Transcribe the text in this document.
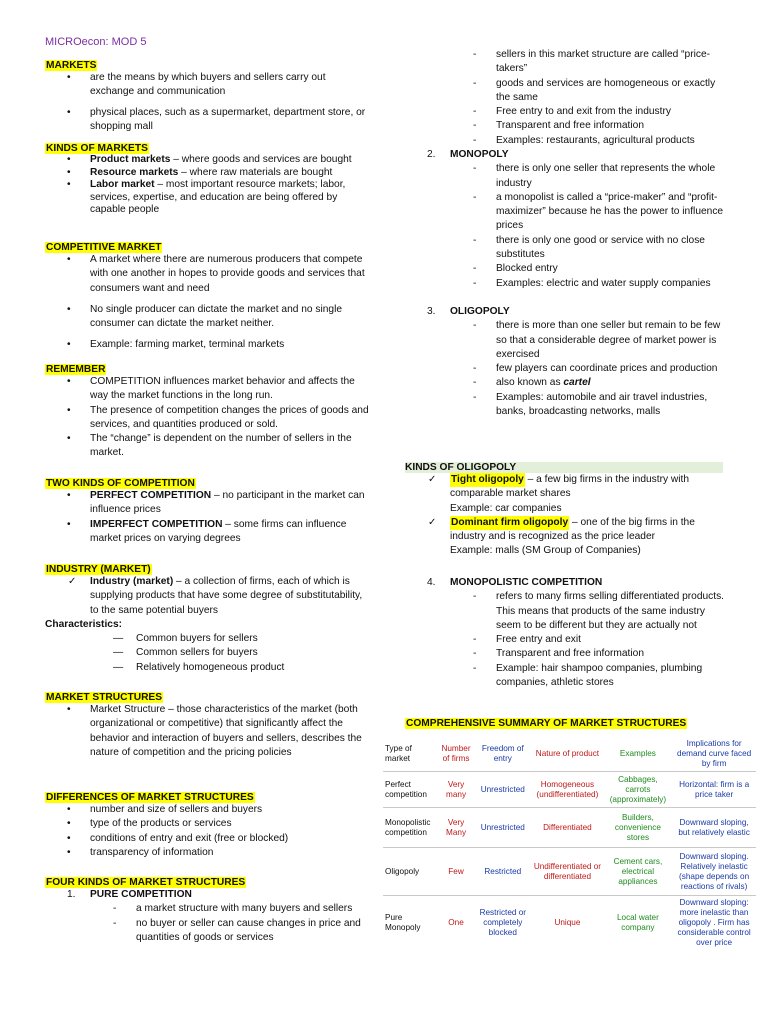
MICROecon: MOD 5
MARKETS

• are the means by which buyers and sellers carry out exchange and communication

• physical places, such as a supermarket, department store, or shopping mall

KINDS OF MARKETS

• Product markets – where goods and services are bought

• Resource markets – where raw materials are bought

• Labor market – most important resource markets; labor, services, expertise, and education are being offered by capable people

COMPETITIVE MARKET

• A market where there are numerous producers that compete with one another in hopes to provide goods and services that consumers want and need

• No single producer can dictate the market and no single consumer can dictate the market neither.

• Example: farming market, terminal markets

REMEMBER

• COMPETITION influences market behavior and affects the way the market functions in the long run.

• The presence of competition changes the prices of goods and services, and quantities produced or sold.

• The “change” is dependent on the number of sellers in the market.

TWO KINDS OF COMPETITION

• PERFECT COMPETITION – no participant in the market can influence prices

• IMPERFECT COMPETITION – some firms can influence market prices on varying degrees

INDUSTRY (MARKET)

✓ Industry (market) – a collection of firms, each of which is supplying products that have some degree of substitutability, to the same potential buyers

Characteristics:

— Common buyers for sellers

— Common sellers for buyers

— Relatively homogeneous product

MARKET STRUCTURES

• Market Structure – those characteristics of the market (both organizational or competitive) that significantly affect the behavior and interaction of buyers and sellers, describes the nature of competition and the pricing policies

DIFFERENCES OF MARKET STRUCTURES

• number and size of sellers and buyers

• type of the products or services

• conditions of entry and exit (free or blocked)

• transparency of information

FOUR KINDS OF MARKET STRUCTURES

1. PURE COMPETITION

- a market structure with many buyers and sellers

- no buyer or seller can cause changes in price and quantities of goods or services

- sellers in this market structure are called “price-takers”

- goods and services are homogeneous or exactly the same

- Free entry to and exit from the industry

- Transparent and free information

- Examples: restaurants, agricultural products

2. MONOPOLY

- there is only one seller that represents the whole industry

- a monopolist is called a “price-maker” and “profit-maximizer” because he has the power to influence prices

- there is only one good or service with no close substitutes

- Blocked entry

- Examples: electric and water supply companies

3. OLIGOPOLY

- there is more than one seller but remain to be few so that a considerable degree of market power is exercised

- few players can coordinate prices and production

- also known as cartel

- Examples: automobile and air travel industries, banks, broadcasting networks, malls

KINDS OF OLIGOPOLY

✓ Tight oligopoly – a few big firms in the industry with comparable market shares
Example: car companies

✓ Dominant firm oligopoly – one of the big firms in the industry and is recognized as the price leader
Example: malls (SM Group of Companies)

4. MONOPOLISTIC COMPETITION

- refers to many firms selling differentiated products. This means that products of the same industry seem to be different but they are actually not

- Free entry and exit

- Transparent and free information

- Example: hair shampoo companies, plumbing companies, athletic stores

COMPREHENSIVE SUMMARY OF MARKET STRUCTURES
Type of market	Number of firms	Freedom of entry	Nature of product	Examples	Implications for demand curve faced by firm
Perfect competition	Very many	Unrestricted	Homogeneous (undifferentiated)	Cabbages, carrots (approximately)	Horizontal: firm is a price taker
Monopolistic competition	Very Many	Unrestricted	Differentiated	Builders, convenience stores	Downward sloping, but relatively elastic
Oligopoly	Few	Restricted	Undifferentiated or differentiated	Cement cars, electrical appliances	Downward sloping. Relatively inelastic (shape depends on reactions of rivals)
Pure Monopoly	One	Restricted or completely blocked	Unique	Local water company	Downward sloping: more inelastic than oligopoly . Firm has considerable control over price
